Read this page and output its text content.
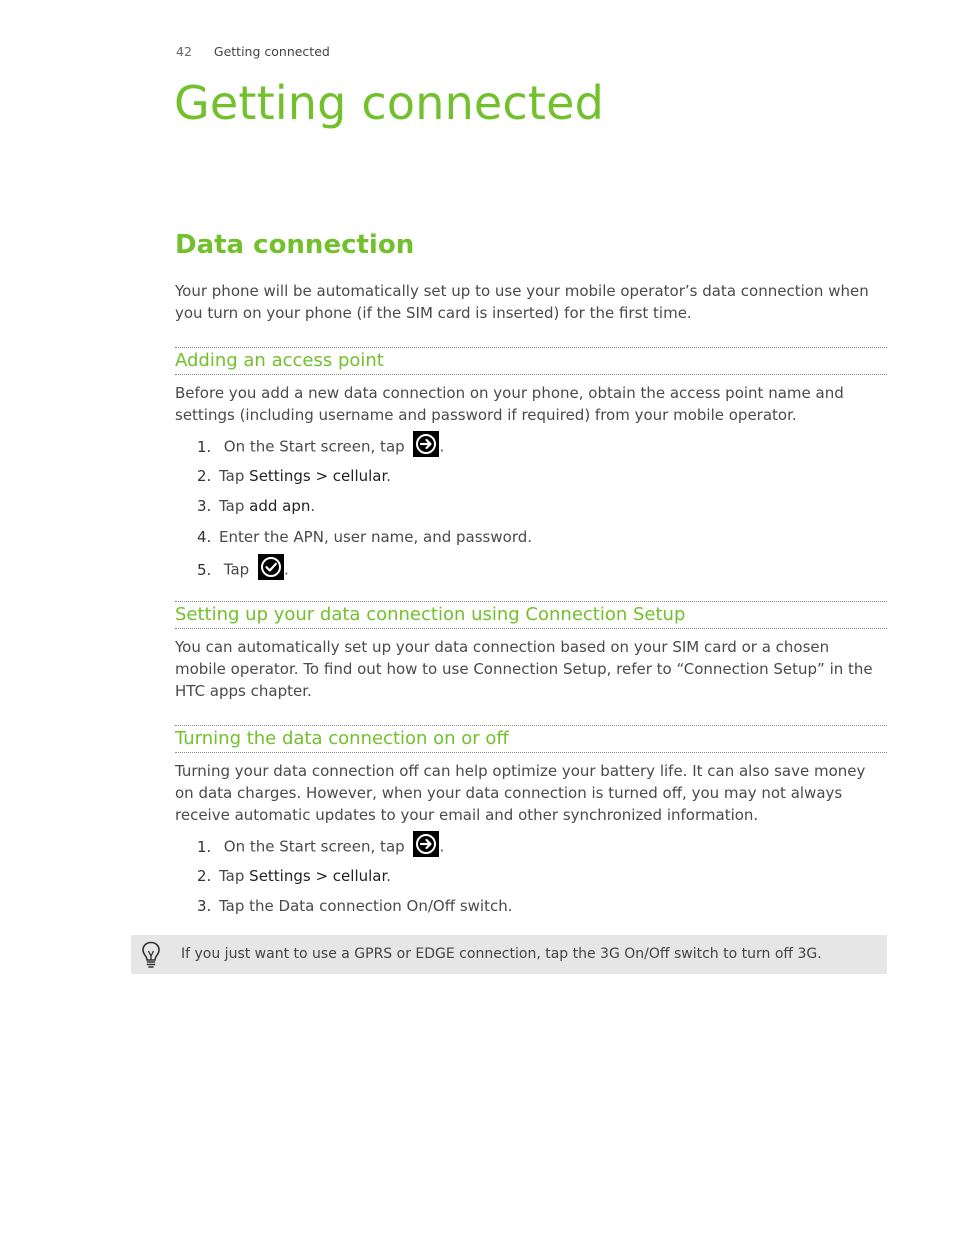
42 Getting connected
Getting connected
Data connection

Your phone will be automatically set up to use your mobile operator’s data connection when
you turn on your phone (if the SIM card is inserted) for the first time.

Adding an access point

Before you add a new data connection on your phone, obtain the access point name and
settings (including username and password if required) from your mobile operator.

1. On the Start screen, tap .
2. Tap Settings > cellular.
3. Tap add apn.
4. Enter the APN, user name, and password.
5. Tap .
Setting up your data connection using Connection Setup

You can automatically set up your data connection based on your SIM card or a chosen
mobile operator. To find out how to use Connection Setup, refer to “Connection Setup” in the
HTC apps chapter.

Turning the data connection on or off

Turning your data connection off can help optimize your battery life. It can also save money
on data charges. However, when your data connection is turned off, you may not always
receive automatic updates to your email and other synchronized information.

1. On the Start screen, tap .
2. Tap Settings > cellular.
3. Tap the Data connection On/Off switch.
If you just want to use a GPRS or EDGE connection, tap the 3G On/Off switch to turn off 3G.
